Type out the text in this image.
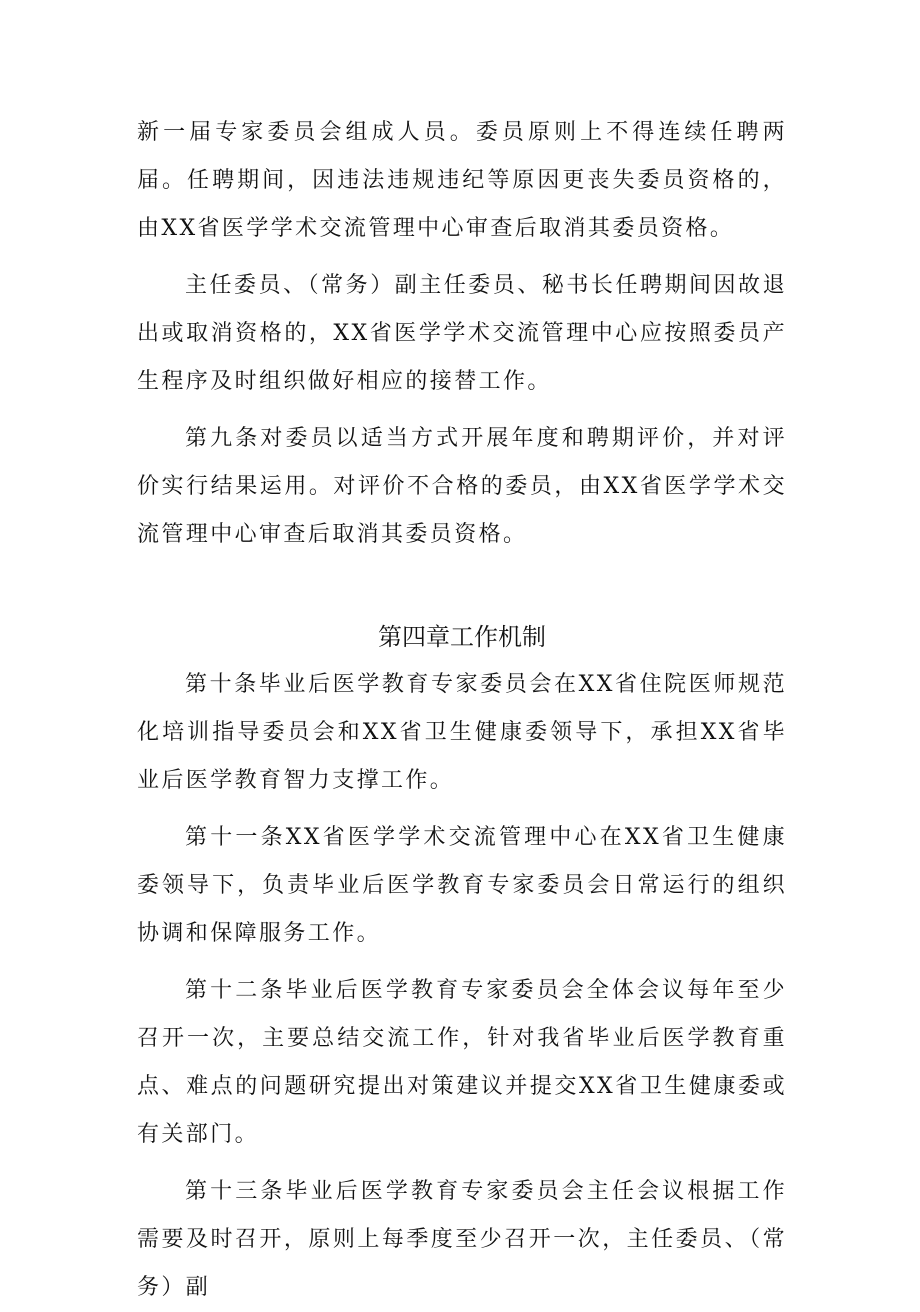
新一届专家委员会组成人员。委员原则上不得连续任聘两届。任聘期间，因违法违规违纪等原因更丧失委员资格的，由XX省医学学术交流管理中心审查后取消其委员资格。

主任委员、（常务）副主任委员、秘书长任聘期间因故退出或取消资格的，XX省医学学术交流管理中心应按照委员产生程序及时组织做好相应的接替工作。

第九条对委员以适当方式开展年度和聘期评价，并对评价实行结果运用。对评价不合格的委员，由XX省医学学术交流管理中心审查后取消其委员资格。

第四章工作机制

第十条毕业后医学教育专家委员会在XX省住院医师规范化培训指导委员会和XX省卫生健康委领导下，承担XX省毕业后医学教育智力支撑工作。

第十一条XX省医学学术交流管理中心在XX省卫生健康委领导下，负责毕业后医学教育专家委员会日常运行的组织协调和保障服务工作。

第十二条毕业后医学教育专家委员会全体会议每年至少召开一次，主要总结交流工作，针对我省毕业后医学教育重点、难点的问题研究提出对策建议并提交XX省卫生健康委或有关部门。

第十三条毕业后医学教育专家委员会主任会议根据工作需要及时召开，原则上每季度至少召开一次，主任委员、（常务）副
